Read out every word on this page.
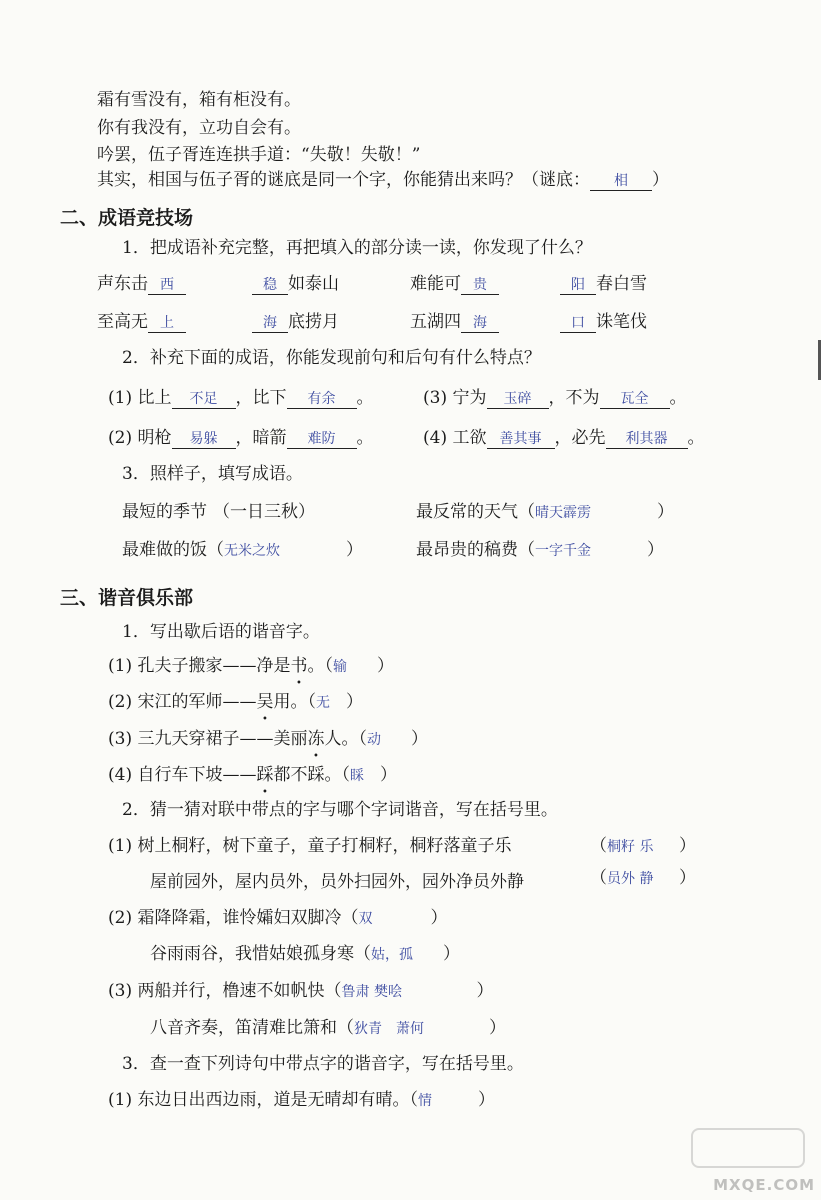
霜有雪没有，箱有柜没有。
你有我没有，立功自会有。
吟罢，伍子胥连连拱手道：“失敬！失敬！”
其实，相国与伍子胥的谜底是同一个字，你能猜出来吗？（谜底： 相 ）
二、成语竞技场
1．把成语补充完整，再把填入的部分读一读，你发现了什么？
声东击 西	稳 如泰山	难能可 贵	阳 春白雪
至高无 上	海 底捞月	五湖四 海	口 诛笔伐
2．补充下面的成语，你能发现前句和后句有什么特点？
(1) 比上 不足 ，比下 有余 。	(3) 宁为 玉碎 ，不为 瓦全 。
(2) 明枪 易躲 ，暗箭 难防 。	(4) 工欲 善其事 ，必先 利其器 。
3．照样子，填写成语。
最短的季节 （一日三秋）	最反常的天气（晴天霹雳	）
最难做的饭（无米之炊	）	最昂贵的稿费（一字千金	）
三、谐音俱乐部
1．写出歇后语的谐音字。
(1) 孔夫子搬家——净是书。（输 ）
(2) 宋江的军师——吴用。（无 ）
(3) 三九天穿裙子——美丽冻人。（动 ）
(4) 自行车下坡——踩都不踩。（睬 ）
2．猜一猜对联中带点的字与哪个字词谐音，写在括号里。
(1) 树上桐籽，树下童子，童子打桐籽，桐籽落童子乐	（桐籽 乐 ）
屋前园外，屋内员外，员外扫园外，园外净员外静	（员外 静 ）
(2) 霜降降霜，谁怜孀妇双脚冷（双	）
谷雨雨谷，我惜姑娘孤身寒（姑，孤 ）
(3) 两船并行，橹速不如帆快（鲁肃 樊哙	）
八音齐奏，笛清难比箫和（狄青　萧何	）
3．查一查下列诗句中带点字的谐音字，写在括号里。
(1) 东边日出西边雨，道是无晴却有晴。（情	）
MXQE.COM
